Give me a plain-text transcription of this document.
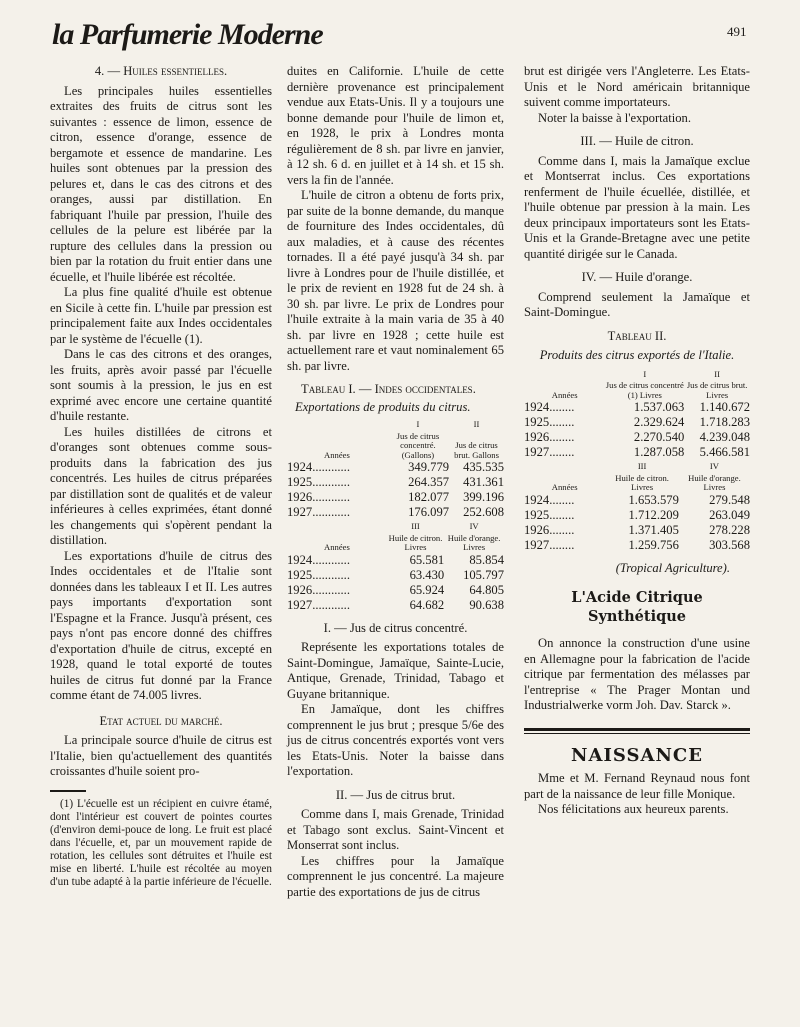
la Parfumerie Moderne	491
4. — Huiles essentielles.

Les principales huiles essentielles extraites des fruits de citrus sont les suivantes : essence de limon, essence de citron, essence d'orange, essence de bergamote et essence de mandarine. Les huiles sont obtenues par la pression des pelures et, dans le cas des citrons et des oranges, aussi par distillation. En fabriquant l'huile par pression, l'huile des cellules de la pelure est libérée par la rupture des cellules dans la pression ou bien par la rotation du fruit entier dans une écuelle, et l'huile libérée est récoltée.

La plus fine qualité d'huile est obtenue en Sicile à cette fin. L'huile par pression est principalement faite aux Indes occidentales par le système de l'écuelle (1).

Dans le cas des citrons et des oranges, les fruits, après avoir passé par l'écuelle sont soumis à la pression, le jus en est exprimé avec encore une certaine quantité d'huile restante.

Les huiles distillées de citrons et d'oranges sont obtenues comme sous-produits dans la fabrication des jus concentrés. Les huiles de citrus préparées par distillation sont de qualités et de valeur inférieures à celles exprimées, étant donné les changements qui s'opèrent pendant la distillation.

Les exportations d'huile de citrus des Indes occidentales et de l'Italie sont données dans les tableaux I et II. Les autres pays importants d'exportation sont l'Espagne et la France. Jusqu'à présent, ces pays n'ont pas encore donné des chiffres d'exportation d'huile de citrus, excepté en 1928, quand le total exporté de toutes huiles de citrus fut donné par la France comme étant de 74.005 livres.

Etat actuel du marché.

La principale source d'huile de citrus est l'Italie, bien qu'actuellement des quantités croissantes d'huile soient pro-

(1) L'écuelle est un récipient en cuivre étamé, dont l'intérieur est couvert de pointes courtes (d'environ demi-pouce de long. Le fruit est placé dans l'écuelle, et, par un mouvement rapide de rotation, les cellules sont détruites et l'huile est mise en liberté. L'huile est récoltée au moyen d'un tube adapté à la partie inférieure de l'écuelle.

duites en Californie. L'huile de cette dernière provenance est principalement vendue aux Etats-Unis. Il y a toujours une bonne demande pour l'huile de limon et, en 1928, le prix à Londres monta régulièrement de 8 sh. par livre en janvier, à 12 sh. 6 d. en juillet et à 14 sh. et 15 sh. vers la fin de l'année.

L'huile de citron a obtenu de forts prix, par suite de la bonne demande, du manque de fourniture des Indes occidentales, dû aux maladies, et à cause des récentes tornades. Il a été payé jusqu'à 34 sh. par livre à Londres pour de l'huile distillée, et le prix de revient en 1928 fut de 24 sh. à 30 sh. par livre. Le prix de Londres pour l'huile extraite à la main varia de 35 à 40 sh. par livre en 1928 ; cette huile est actuellement rare et vaut nominalement 65 sh. par livre.

Tableau I. — Indes occidentales.
Exportations de produits du citrus.
	I	II
Années	Jus de citrus concentré. (Gallons)	Jus de citrus brut. Gallons
1924............	349.779	435.535
1925............	264.357	431.361
1926............	182.077	399.196
1927............	176.097	252.608
	III	IV
Années	Huile de citron. Livres	Huile d'orange. Livres
1924............	65.581	85.854
1925............	63.430	105.797
1926............	65.924	64.805
1927............	64.682	90.638
I. — Jus de citrus concentré.

Représente les exportations totales de Saint-Domingue, Jamaïque, Sainte-Lucie, Antique, Grenade, Trinidad, Tabago et Guyane britannique.

En Jamaïque, dont les chiffres comprennent le jus brut ; presque 5/6e des jus de citrus concentrés exportés vont vers les Etats-Unis. Noter la baisse dans l'exportation.

II. — Jus de citrus brut.

Comme dans I, mais Grenade, Trinidad et Tabago sont exclus. Saint-Vincent et Monserrat sont inclus.

Les chiffres pour la Jamaïque comprennent le jus concentré. La majeure partie des exportations de jus de citrus

brut est dirigée vers l'Angleterre. Les Etats-Unis et le Nord américain britannique suivent comme importateurs.

Noter la baisse à l'exportation.

III. — Huile de citron.

Comme dans I, mais la Jamaïque exclue et Montserrat inclus. Ces exportations renferment de l'huile écuellée, distillée, et l'huile obtenue par pression à la main. Les deux principaux importateurs sont les Etats-Unis et la Grande-Bretagne avec une petite quantité dirigée sur le Canada.

IV. — Huile d'orange.

Comprend seulement la Jamaïque et Saint-Domingue.

Tableau II.
Produits des citrus exportés de l'Italie.
	I	II
Années	Jus de citrus concentré (1) Livres	Jus de citrus brut. Livres
1924........	1.537.063	1.140.672
1925........	2.329.624	1.718.283
1926........	2.270.540	4.239.048
1927........	1.287.058	5.466.581
	III	IV
Années	Huile de citron. Livres	Huile d'orange. Livres
1924........	1.653.579	279.548
1925........	1.712.209	263.049
1926........	1.371.405	278.228
1927........	1.259.756	303.568
(Tropical Agriculture).
L'Acide Citrique Synthétique

On annonce la construction d'une usine en Allemagne pour la fabrication de l'acide citrique par fermentation des mélasses par l'entreprise « The Prager Montan und Industrialwerke vorm Joh. Dav. Starck ».

NAISSANCE

Mme et M. Fernand Reynaud nous font part de la naissance de leur fille Monique.

Nos félicitations aux heureux parents.
